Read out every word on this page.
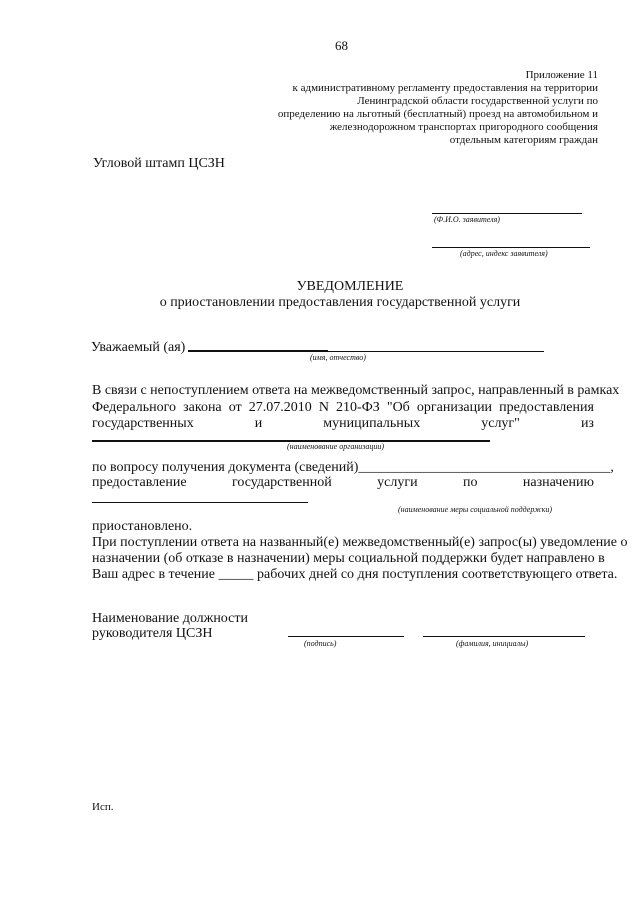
68
Приложение 11
к административному регламенту предоставления на территории
Ленинградской области государственной услуги по
определению на льготный (бесплатный) проезд на автомобильном и
железнодорожном транспортах пригородного сообщения
отдельным категориям граждан
Угловой штамп ЦСЗН
(Ф.И.О. заявителя)
(адрес, индекс заявителя)
УВЕДОМЛЕНИЕ
о приостановлении предоставления государственной услуги
Уважаемый (ая)
(имя, отчество)
В связи с непоступлением ответа на межведомственный запрос, направленный в рамках
Федерального закона от 27.07.2010 N 210-ФЗ "Об организации предоставления
государственных	и	муниципальных	услуг"	из
(наименование организации)
по вопросу получения документа (сведений)____________________________________,
предоставление	государственной	услуги	по	назначению
(наименование меры социальной поддержки)
приостановлено.
При поступлении ответа на названный(е) межведомственный(е) запрос(ы) уведомление о
назначении (об отказе в назначении) меры социальной поддержки будет направлено в
Ваш адрес в течение _____ рабочих дней со дня поступления соответствующего ответа.
Наименование должности
руководителя ЦСЗН
(подпись)	(фамилия, инициалы)
Исп.
